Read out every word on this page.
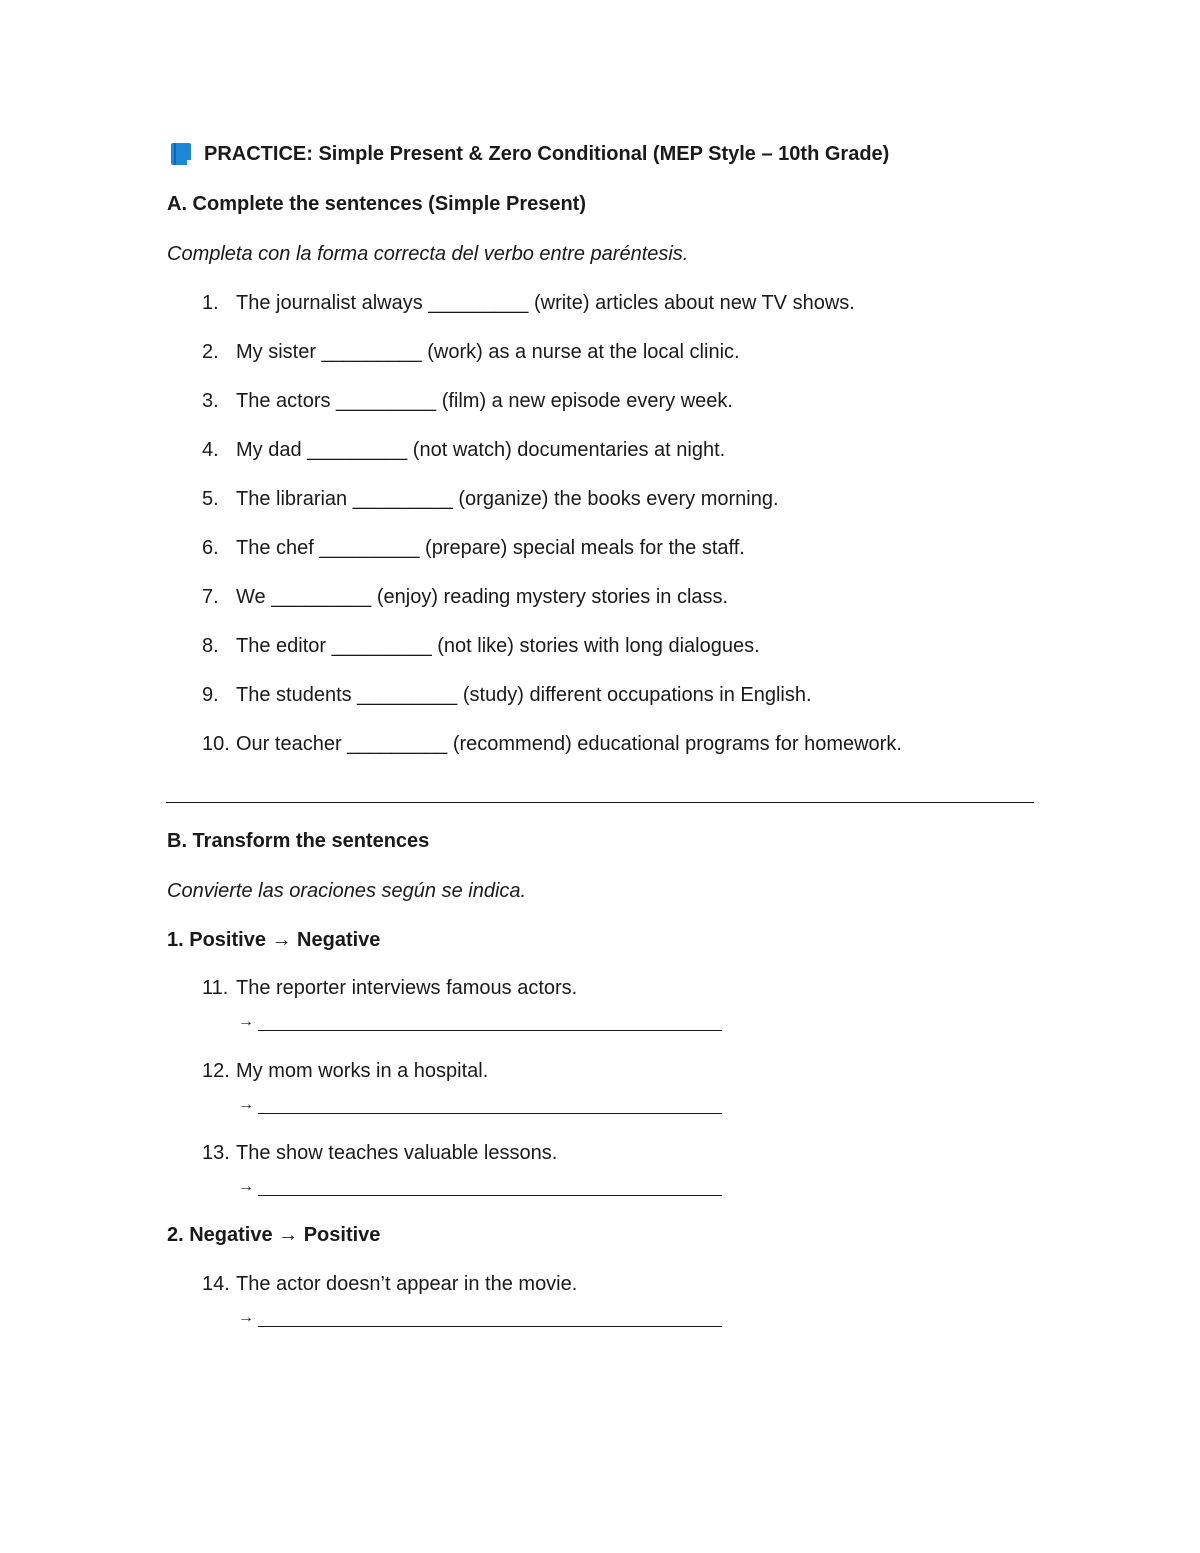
PRACTICE: Simple Present & Zero Conditional (MEP Style – 10th Grade)
A. Complete the sentences (Simple Present)
Completa con la forma correcta del verbo entre paréntesis.
1. The journalist always _________ (write) articles about new TV shows.
2. My sister _________ (work) as a nurse at the local clinic.
3. The actors _________ (film) a new episode every week.
4. My dad _________ (not watch) documentaries at night.
5. The librarian _________ (organize) the books every morning.
6. The chef _________ (prepare) special meals for the staff.
7. We _________ (enjoy) reading mystery stories in class.
8. The editor _________ (not like) stories with long dialogues.
9. The students _________ (study) different occupations in English.
10. Our teacher _________ (recommend) educational programs for homework.
B. Transform the sentences
Convierte las oraciones según se indica.
1. Positive → Negative
11. The reporter interviews famous actors.
→
12. My mom works in a hospital.
→
13. The show teaches valuable lessons.
→
2. Negative → Positive
14. The actor doesn’t appear in the movie.
→
